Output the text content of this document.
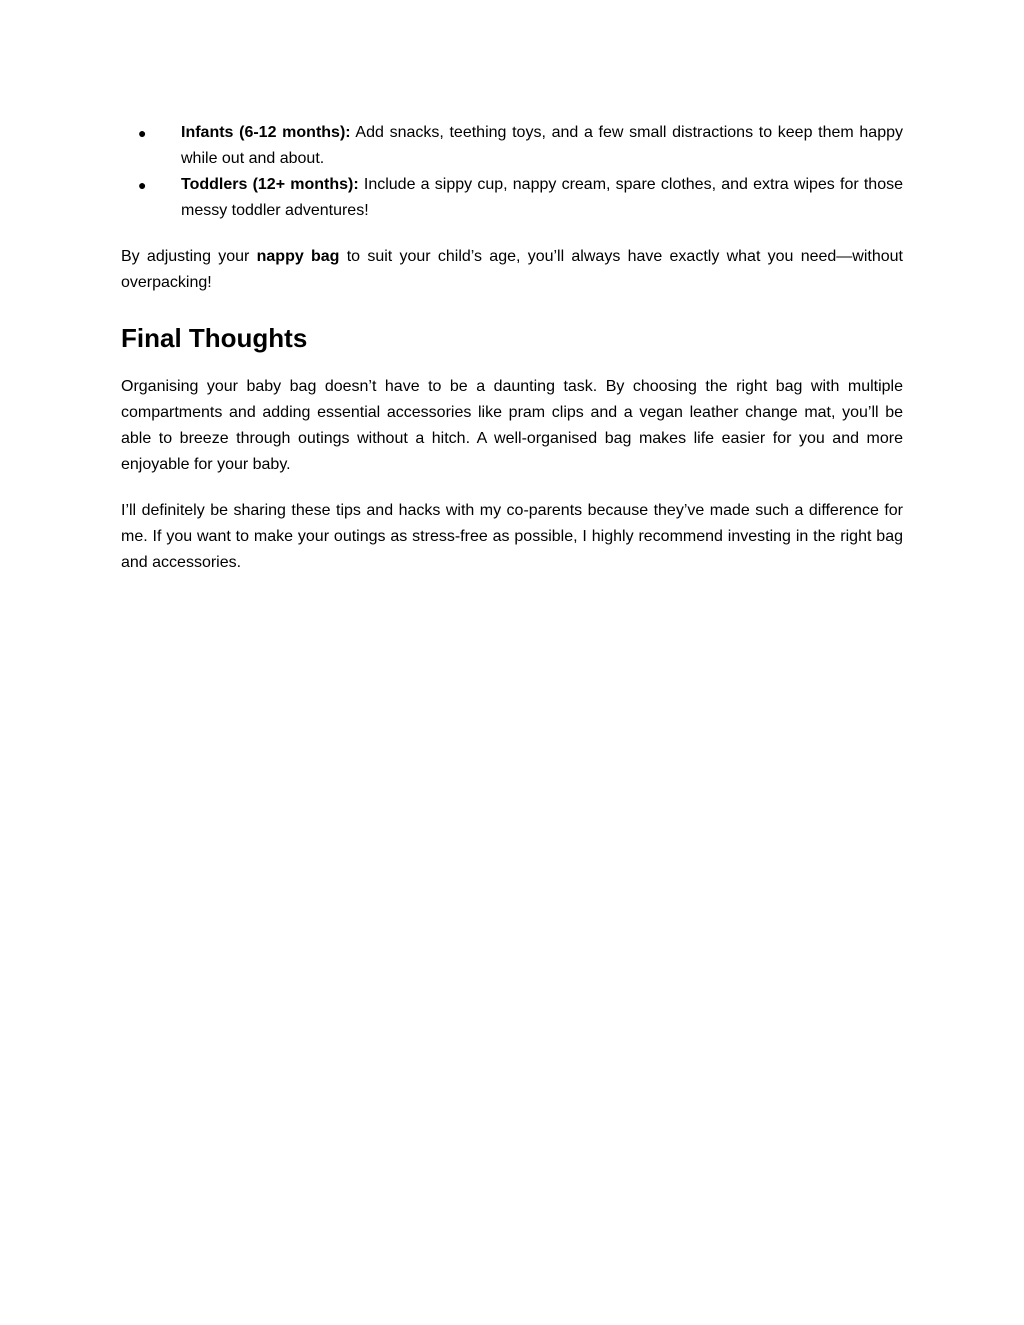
● Infants (6-12 months): Add snacks, teething toys, and a few small distractions to keep them happy while out and about.
● Toddlers (12+ months): Include a sippy cup, nappy cream, spare clothes, and extra wipes for those messy toddler adventures!

By adjusting your nappy bag to suit your child’s age, you’ll always have exactly what you need—without overpacking!

Final Thoughts

Organising your baby bag doesn’t have to be a daunting task. By choosing the right bag with multiple compartments and adding essential accessories like pram clips and a vegan leather change mat, you’ll be able to breeze through outings without a hitch. A well-organised bag makes life easier for you and more enjoyable for your baby.

I’ll definitely be sharing these tips and hacks with my co-parents because they’ve made such a difference for me. If you want to make your outings as stress-free as possible, I highly recommend investing in the right bag and accessories.
